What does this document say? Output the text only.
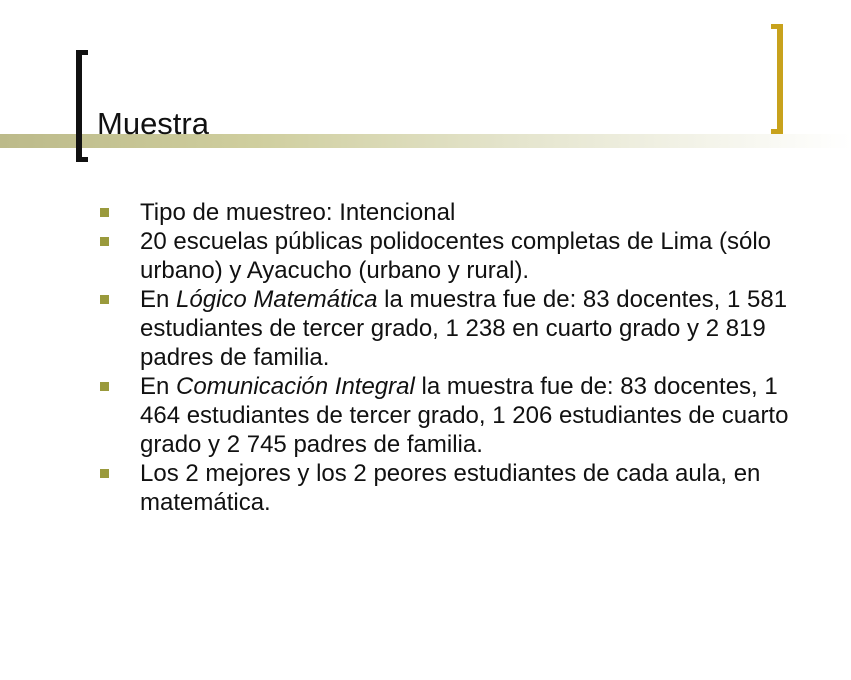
Muestra
Tipo de muestreo: Intencional
20 escuelas públicas polidocentes completas de Lima (sólo urbano) y Ayacucho (urbano y rural).
En Lógico Matemática la muestra fue de: 83 docentes, 1 581 estudiantes de tercer grado, 1 238 en cuarto grado y 2 819 padres de familia.
En Comunicación Integral la muestra fue de: 83 docentes, 1 464 estudiantes de tercer grado, 1 206 estudiantes de cuarto grado y 2 745 padres de familia.
Los 2 mejores y los 2 peores estudiantes de cada aula, en matemática.
